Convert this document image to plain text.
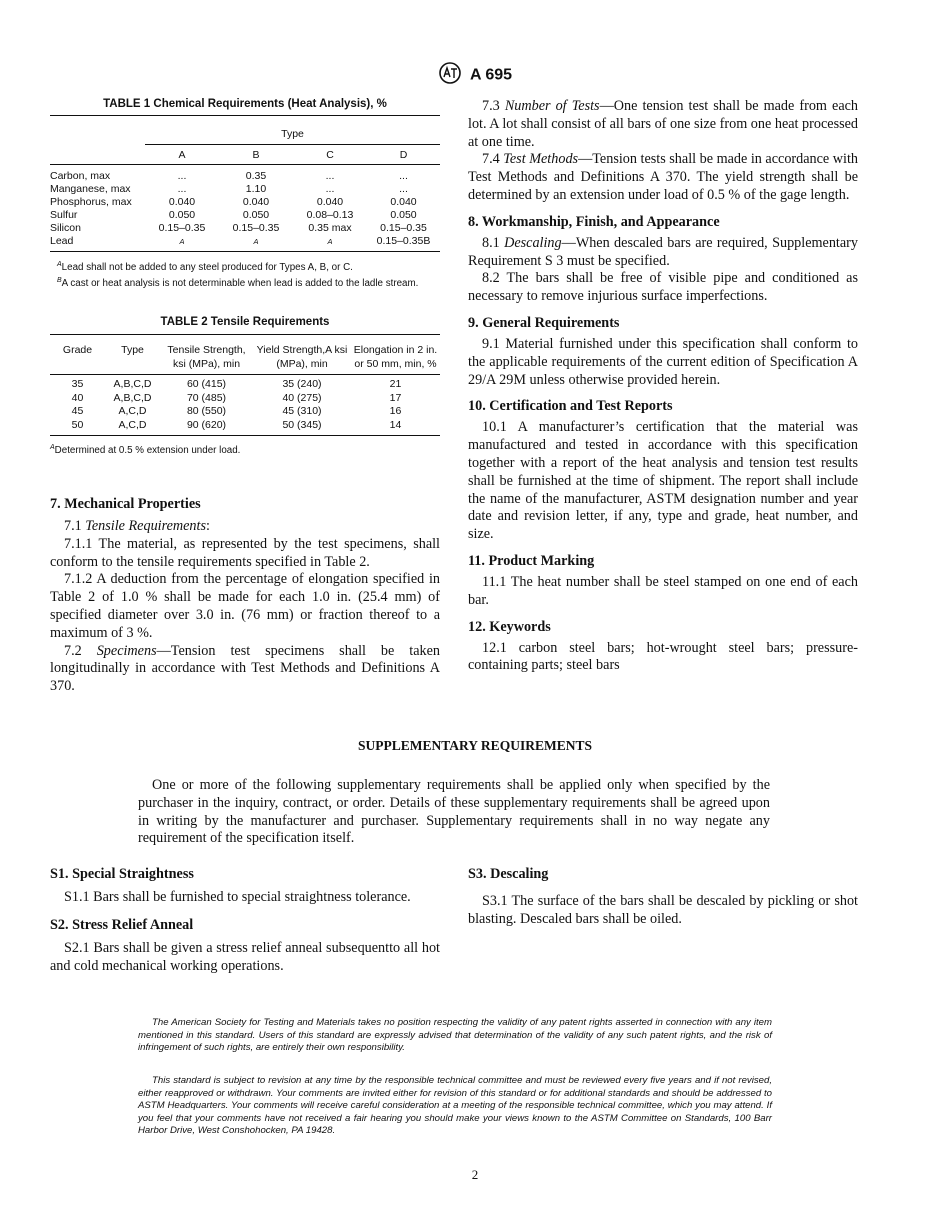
A 695
TABLE 1 Chemical Requirements (Heat Analysis), %
	Type			
	A	B	C	D

Carbon, max	...	0.35	...	...
Manganese, max	...	1.10	...	...
Phosphorus, max	0.040	0.040	0.040	0.040
Sulfur	0.050	0.050	0.08–0.13	0.050
Silicon	0.15–0.35	0.15–0.35	0.35 max	0.15–0.35
Lead	A	A	A	0.15–0.35B

$^A$Lead shall not be added to any steel produced for Types A, B, or C.
$^B$A cast or heat analysis is not determinable when lead is added to the ladle stream.
TABLE 2 Tensile Requirements
Grade	Type	Tensile Strength, ksi (MPa), min	Yield Strength,A ksi (MPa), min	Elongation in 2 in. or 50 mm, min, %

35	A,B,C,D	60 (415)	35 (240)	21
40	A,B,C,D	70 (485)	40 (275)	17
45	A,C,D	80 (550)	45 (310)	16
50	A,C,D	90 (620)	50 (345)	14

$^A$Determined at 0.5 % extension under load.
7. Mechanical Properties

7.1 Tensile Requirements:

7.1.1 The material, as represented by the test specimens, shall conform to the tensile requirements specified in Table 2.

7.1.2 A deduction from the percentage of elongation specified in Table 2 of 1.0 % shall be made for each 1.0 in. (25.4 mm) of specified diameter over 3.0 in. (76 mm) or fraction thereof to a maximum of 3 %.

7.2 Specimens—Tension test specimens shall be taken longitudinally in accordance with Test Methods and Definitions A 370.

7.3 Number of Tests—One tension test shall be made from each lot. A lot shall consist of all bars of one size from one heat processed at one time.

7.4 Test Methods—Tension tests shall be made in accordance with Test Methods and Definitions A 370. The yield strength shall be determined by an extension under load of 0.5 % of the gage length.

8. Workmanship, Finish, and Appearance

8.1 Descaling—When descaled bars are required, Supplementary Requirement S 3 must be specified.

8.2 The bars shall be free of visible pipe and conditioned as necessary to remove injurious surface imperfections.

9. General Requirements

9.1 Material furnished under this specification shall conform to the applicable requirements of the current edition of Specification A 29/A 29M unless otherwise provided herein.

10. Certification and Test Reports

10.1 A manufacturer’s certification that the material was manufactured and tested in accordance with this specification together with a report of the heat analysis and tension test results shall be furnished at the time of shipment. The report shall include the name of the manufacturer, ASTM designation number and year date and revision letter, if any, type and grade, heat number, and size.

11. Product Marking

11.1 The heat number shall be steel stamped on one end of each bar.

12. Keywords

12.1 carbon steel bars; hot-wrought steel bars; pressure-containing parts; steel bars

SUPPLEMENTARY REQUIREMENTS

One or more of the following supplementary requirements shall be applied only when specified by the purchaser in the inquiry, contract, or order. Details of these supplementary requirements shall be agreed upon in writing by the manufacturer and purchaser. Supplementary requirements shall in no way negate any requirement of the specification itself.

S1. Special Straightness

S1.1 Bars shall be furnished to special straightness tolerance.

S2. Stress Relief Anneal

S2.1 Bars shall be given a stress relief anneal subsequentto all hot and cold mechanical working operations.

S3. Descaling

S3.1 The surface of the bars shall be descaled by pickling or shot blasting. Descaled bars shall be oiled.

The American Society for Testing and Materials takes no position respecting the validity of any patent rights asserted in connection with any item mentioned in this standard. Users of this standard are expressly advised that determination of the validity of any such patent rights, and the risk of infringement of such rights, are entirely their own responsibility.

This standard is subject to revision at any time by the responsible technical committee and must be reviewed every five years and if not revised, either reapproved or withdrawn. Your comments are invited either for revision of this standard or for additional standards and should be addressed to ASTM Headquarters. Your comments will receive careful consideration at a meeting of the responsible technical committee, which you may attend. If you feel that your comments have not received a fair hearing you should make your views known to the ASTM Committee on Standards, 100 Barr Harbor Drive, West Conshohocken, PA 19428.

2
